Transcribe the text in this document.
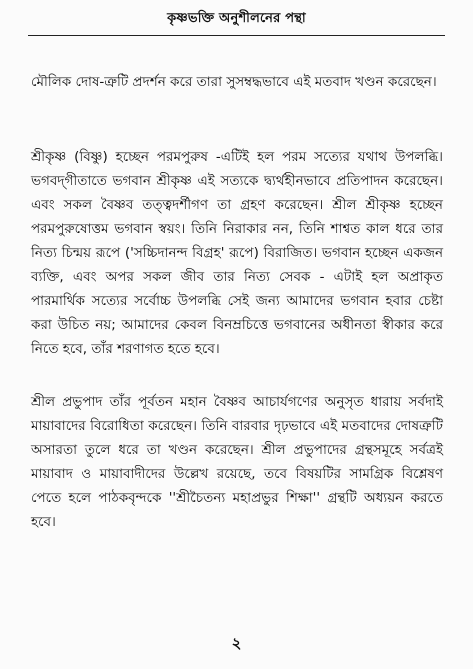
কৃষ্ণভক্তি অনুশীলনের পন্থা

মৌলিক দোষ-ত্রুটি প্রদর্শন করে তারা সুসম্বদ্ধভাবে এই মতবাদ খণ্ডন করেছেন।

শ্রীকৃষ্ণ (বিষ্ণু) হচ্ছেন পরমপুরুষ -এটিই হল পরম সত্যের যথাথ উপলব্ধি। ভগবদ্‌গীতাতে ভগবান শ্রীকৃষ্ণ এই সত্যকে দ্ব্যর্থহীনভাবে প্রতিপাদন করেছেন। এবং সকল বৈষ্ণব তত্ত্বদর্শীগণ তা গ্রহণ করেছেন। শ্রীল শ্রীকৃষ্ণ হচ্ছেন পরমপুরুষোত্তম ভগবান স্বয়ং। তিনি নিরাকার নন, তিনি শাশ্বত কাল ধরে তার নিত্য চিন্ময় রূপে ('সচ্চিদানন্দ বিগ্রহ' রূপে) বিরাজিত। ভগবান হচ্ছেন একজন ব্যক্তি, এবং অপর সকল জীব তার নিত্য সেবক - এটাই হল অপ্রাকৃত পারমার্থিক সত্যের সর্বোচ্চ উপলব্ধি সেই জন্য আমাদের ভগবান হবার চেষ্টা করা উচিত নয়; আমাদের কেবল বিনম্রচিত্তে ভগবানের অধীনতা স্বীকার করে নিতে হবে, তাঁর শরণাগত হতে হবে।

শ্রীল প্রভুপাদ তাঁর পূর্বতন মহান বৈষ্ণব আচার্যগণের অনুসৃত ধারায় সর্বদাই মায়াবাদের বিরোধিতা করেছেন। তিনি বারবার দৃঢ়ভাবে এই মতবাদের দোষত্রুটি অসারতা তুলে ধরে তা খণ্ডন করেছেন। শ্রীল প্রভুপাদের গ্রন্থসমূহে সর্বত্রই মায়াবাদ ও মায়াবাদীদের উল্লেখ রয়েছে, তবে বিষয়টির সামগ্রিক বিশ্লেষণ পেতে হলে পাঠকবৃন্দকে ''শ্রীচৈতন্য মহাপ্রভুর শিক্ষা'' গ্রন্থটি অধ্যয়ন করতে হবে।

২
